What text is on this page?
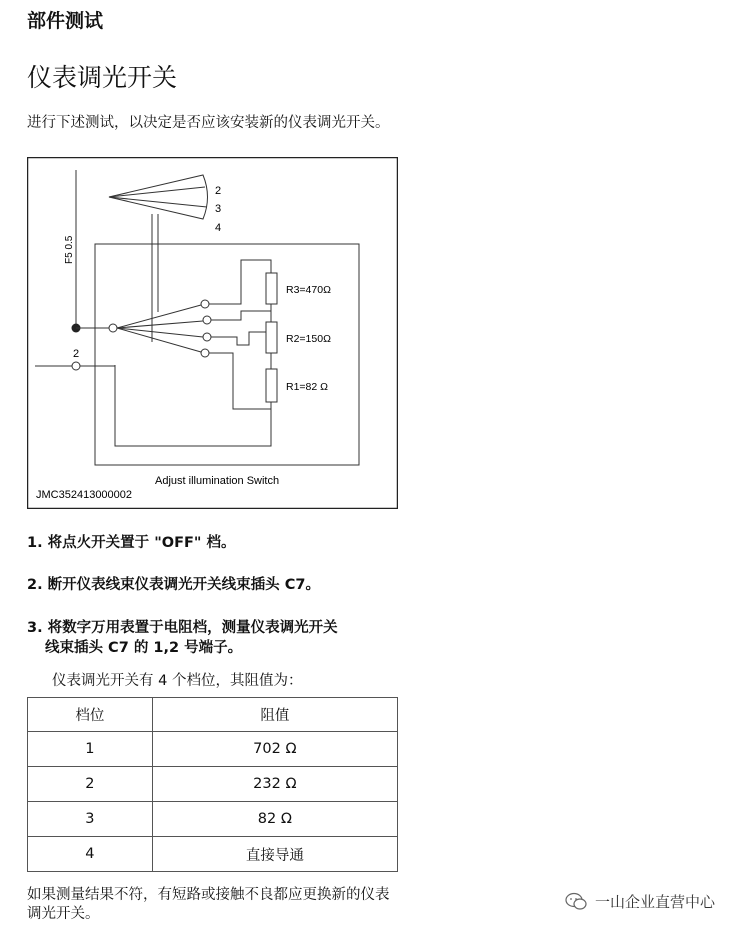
部件测试
仪表调光开关
进行下述测试，以决定是否应该安装新的仪表调光开关。
F5 0.5
2
3
4
R3=470Ω
R2=150Ω
R1=82 Ω
2
Adjust illumination Switch
JMC352413000002
1. 将点火开关置于 "OFF" 档。
2. 断开仪表线束仪表调光开关线束插头 C7。
3. 将数字万用表置于电阻档，测量仪表调光开关
线束插头 C7 的 1,2 号端子。
仪表调光开关有 4 个档位，其阻值为：
档位	阻值
1	702 Ω
2	232 Ω
3	82 Ω
4	直接导通
如果测量结果不符，有短路或接触不良都应更换新的仪表调光开关。
一山企业直营中心
